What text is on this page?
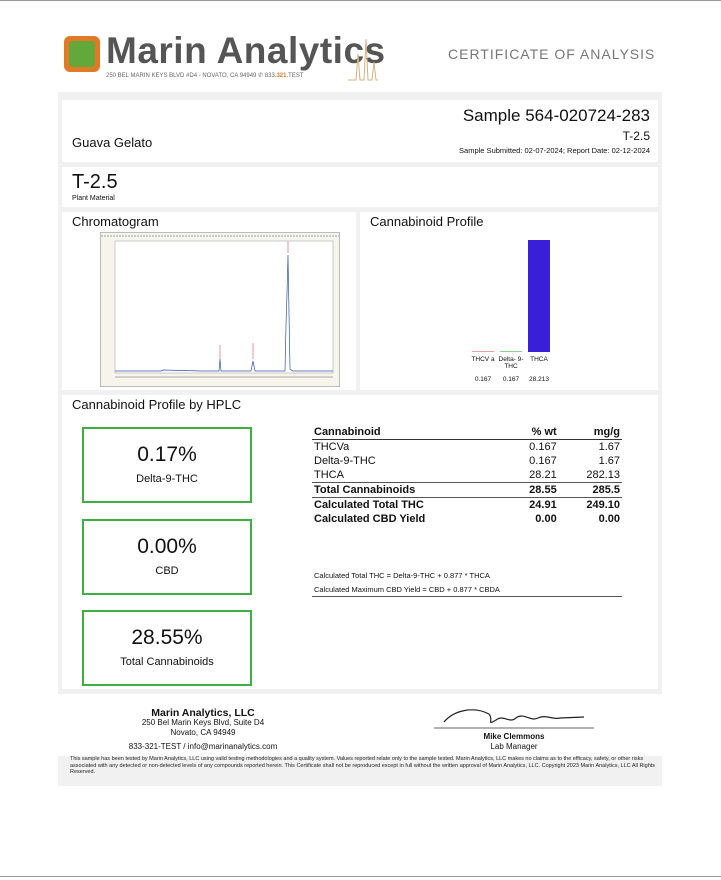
Marin Analytics
250 BEL MARIN KEYS BLVD #D4 - NOVATO, CA 94949 ✆ 833.321.TEST
CERTIFICATE OF ANALYSIS
Sample 564-020724-283
T-2.5
Sample Submitted: 02-07-2024; Report Date: 02-12-2024
Guava Gelato
T-2.5
Plant Material
Chromatogram	Cannabinoid Profile
THCV a
0.167
Delta- 9-THC
0.167
THCA
28.213
Cannabinoid Profile by HPLC
0.17%
Delta-9-THC
0.00%
CBD
28.55%
Total Cannabinoids
Cannabinoid	% wt	mg/g
THCVa	0.167	1.67
Delta-9-THC	0.167	1.67
THCA	28.21	282.13
Total Cannabinoids	28.55	285.5
Calculated Total THC	24.91	249.10
Calculated CBD Yield	0.00	0.00
Calculated Total THC = Delta-9-THC + 0.877 * THCA
Calculated Maximum CBD Yield = CBD + 0.877 * CBDA
Marin Analytics, LLC
250 Bel Marin Keys Blvd, Suite D4
Novato, CA 94949
833-321-TEST / info@marinanalytics.com
Mike Clemmons
Lab Manager
This sample has been tested by Marin Analytics, LLC using valid testing methodologies and a quality system. Values reported relate only to the sample tested. Marin Analytics, LLC makes no claims as to the efficacy, safety, or other risks associated with any detected or non-detected levels of any compounds reported herein. This Certificate shall not be reproduced except in full without the written approval of Marin Analytics, LLC. Copyright 2023 Marin Analytics, LLC All Rights Reserved.
